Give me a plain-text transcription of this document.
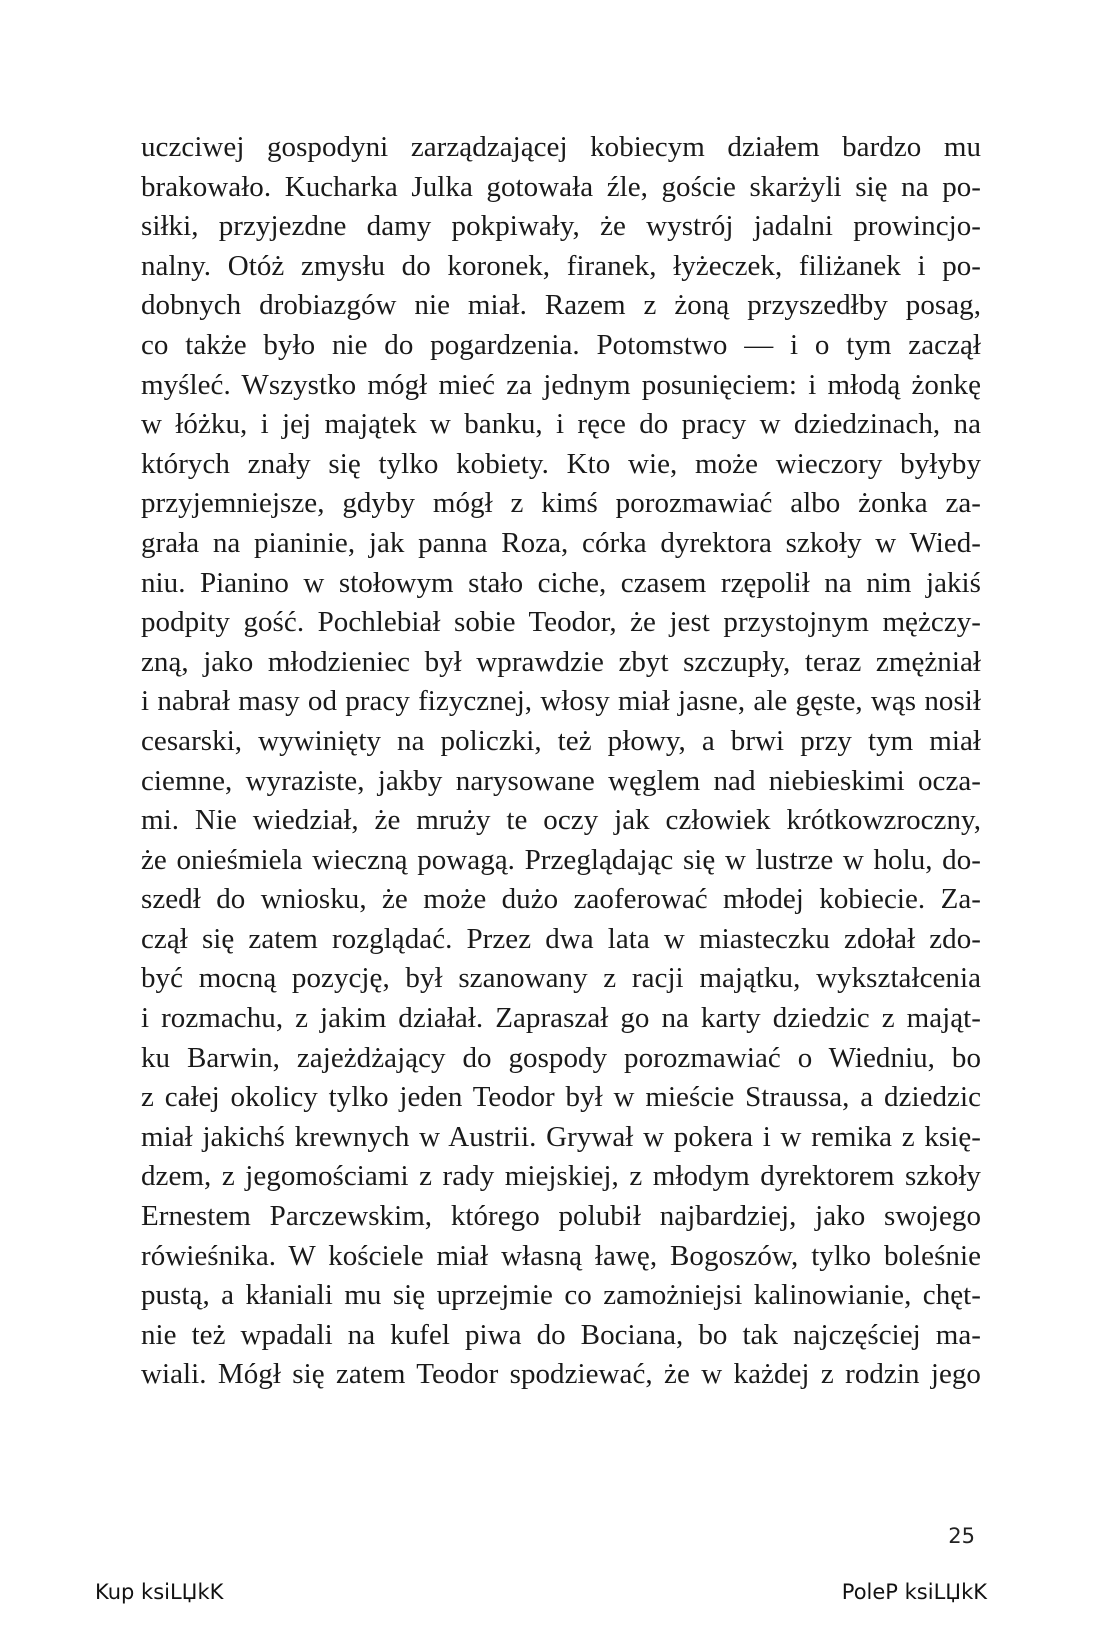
uczciwej gospodyni zarządzającej kobiecym działem bardzo mu
brakowało. Kucharka Julka gotowała źle, goście skarżyli się na po-
siłki, przyjezdne damy pokpiwały, że wystrój jadalni prowincjo-
nalny. Otóż zmysłu do koronek, firanek, łyżeczek, filiżanek i po-
dobnych drobiazgów nie miał. Razem z żoną przyszedłby posag,
co także było nie do pogardzenia. Potomstwo — i o tym zaczął
myśleć. Wszystko mógł mieć za jednym posunięciem: i młodą żonkę
w łóżku, i jej majątek w banku, i ręce do pracy w dziedzinach, na
których znały się tylko kobiety. Kto wie, może wieczory byłyby
przyjemniejsze, gdyby mógł z kimś porozmawiać albo żonka za-
grała na pianinie, jak panna Roza, córka dyrektora szkoły w Wied-
niu. Pianino w stołowym stało ciche, czasem rzępolił na nim jakiś
podpity gość. Pochlebiał sobie Teodor, że jest przystojnym mężczy-
zną, jako młodzieniec był wprawdzie zbyt szczupły, teraz zmężniał
i nabrał masy od pracy fizycznej, włosy miał jasne, ale gęste, wąs nosił
cesarski, wywinięty na policzki, też płowy, a brwi przy tym miał
ciemne, wyraziste, jakby narysowane węglem nad niebieskimi ocza-
mi. Nie wiedział, że mruży te oczy jak człowiek krótkowzroczny,
że onieśmiela wieczną powagą. Przeglądając się w lustrze w holu, do-
szedł do wniosku, że może dużo zaoferować młodej kobiecie. Za-
czął się zatem rozglądać. Przez dwa lata w miasteczku zdołał zdo-
być mocną pozycję, był szanowany z racji majątku, wykształcenia
i rozmachu, z jakim działał. Zapraszał go na karty dziedzic z mająt-
ku Barwin, zajeżdżający do gospody porozmawiać o Wiedniu, bo
z całej okolicy tylko jeden Teodor był w mieście Straussa, a dziedzic
miał jakichś krewnych w Austrii. Grywał w pokera i w remika z księ-
dzem, z jegomościami z rady miejskiej, z młodym dyrektorem szkoły
Ernestem Parczewskim, którego polubił najbardziej, jako swojego
rówieśnika. W kościele miał własną ławę, Bogoszów, tylko boleśnie
pustą, a kłaniali mu się uprzejmie co zamożniejsi kalinowianie, chęt-
nie też wpadali na kufel piwa do Bociana, bo tak najczęściej ma-
wiali. Mógł się zatem Teodor spodziewać, że w każdej z rodzin jego
25
Kup ksiLЏkK	PoleP ksiLЏkK
